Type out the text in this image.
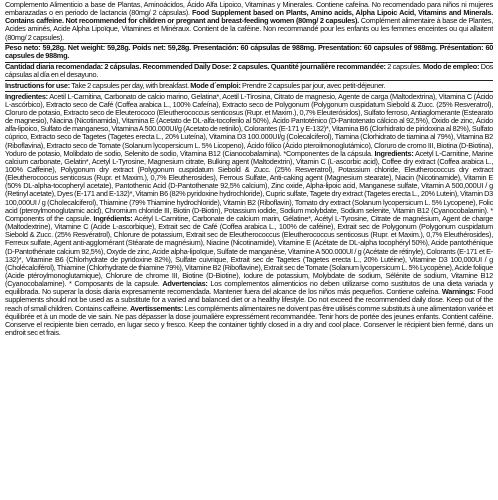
Complemento Alimenticio a base de Plantas, Aminoácidos, Ácido Alfa Lipoico, Vitaminas y Minerales. Contiene cafeína. No recomendado para niños ni mujeres embarazadas o en periodo de lactancia (80mg/ 2 cápsulas). Food Supplement based on Plants, Amino acids, Alpha Lipoic Acid, Vitamins and Minerals. Contains caffeine. Not recommended for children or pregnant and breast-feeding women (80mg/ 2 capsules). Complément alimentaire à base de Plantes, Acides aminés, Acide Alpha Lipoïque, Vitamines et Minéraux. Contient de la caféine. Non recommandé pour les enfants ou les femmes enceintes ou qui allaitent (80mg/ 2 capsules).

Peso neto: 59,28g. Net weight: 59,28g. Poids net: 59,28g. Presentación: 60 cápsulas de 988mg. Presentation: 60 capsules of 988mg. Présentation: 60 capsules de 988mg.

Cantidad diaria recomendada: 2 cápsulas. Recommended Daily Dose: 2 capsules. Quantité journalière recommandée: 2 capsules. Modo de empleo: Dos cápsulas al día en el desayuno.

Instructions for use: Take 2 capsules per day, with breakfast. Mode d´emploi: Prendre 2 capsules par jour, avec petit-déjeuner.

Ingredientes: Acetil L-Carnitina, Carbonato de calcio marino, Gelatina*, Acetil L-Tirosina, Citrato de magnesio, Agente de carga (Maltodextrina), Vitamina C (Ácido L-ascórbico), Extracto seco de Café (Coffea arabica L., 100% Cafeína), Extracto seco de Polygonum (Polygonum cuspidatum Siebold & Zucc. (25% Resveratrol), Cloruro de potasio, Extracto seco de Eleuterococo (Eleutherococcus senticosus (Rupr. et Maxim.), 0,7% Eleuterósidos), Sulfato ferroso, Antiaglomerante (Estearato de magnesio), Niacina (Nicotinamida), Vitamina E (Acetato de DL-alfa-tocoferilo al 50%), Ácido Pantoténico (D-Pantotenato cálcico al 92,5%), Óxido de zinc, Ácido alfa-lipoico, Sulfato de manganeso, Vitamina A 500.000UI/g (Acetato de retinilo), Colorantes (E-171 y E-132)*, Vitamina B6 (Clorhidrato de piridoxina al 82%), Sulfato cúprico, Extracto seco de Tagetes (Tagetes erecta L., 20% Luteína), Vitamina D3 100.000UI/g (Colecalciferol), Tiamina (Clorhidrato de tiamina al 79%), Vitamina B2 (Riboflavina), Extracto seco de Tomate (Solanum lycopersicum L. 5% Licopeno), Ácido fólico (Ácido pteroilmonoglutámico), Cloruro de cromo III, Biotina (D-Biotina), Yoduro de potasio, Molibdato de sodio, Selenito de sodio, Vitamina B12 (Cianocobalamina). *Componentes de la cápsula. Ingredients: Acetyl L-Carnitine, Marine calcium carbonate, Gelatin*, Acetyl L-Tyrosine, Magnesium citrate, Bulking agent (Maltodextrin), Vitamin C (L-ascorbic acid), Coffee dry extract (Coffea arabica L., 100% Caffeine), Polygonum dry extract (Polygonum cuspidatum Siebold & Zucc. (25% Resveratrol), Potassium chloride, Eleutherococcus dry extract (Eleutherococcus senticosus (Rupr. et Maxim.), 0,7% Eleutherosides), Ferrous Sulfate, Anti-caking agent (Magnesium stearate), Niacin (Nicotinamide), Vitamin E (50% DL-alpha-tocopheryl acetate), Pantothenic Acid (D-Pantothenate 92,5% calcium), Zinc oxide, Alpha-lipoic acid, Manganese sulfate, Vitamin A 500,000UI / g (Retinyl acetate), Dyes (E-171 and E-132)*, Vitamin B6 (82% pyridoxine hydrochloride), Cupric sulfate, Tagete dry extract (Tagetes erecta L., 20% Lutein), Vitamin D3 100,000UI / g (Cholecalciferol), Thiamine (79% Thiamine hydrochloride), Vitamin B2 (Riboflavin), Tomato dry extract (Solanum lycopersicum L. 5% Lycopene), Folic acid (pteroylmonoglutamic acid), Chromium chloride III, Biotin (D-Biotin), Potassium iodide, Sodium molybdate, Sodium selenite, Vitamin B12 (Cyanocobalamin). * Components of the capsule. Ingrédients: Acétyl L-Carnitine, Carbonate de calcium marin, Gélatine*, Acétyl L-Tyrosine, Citrate de magnésium, Agent de charge (Maltodextrine), Vitamine C (Acide L-ascorbique), Extrait sec de Café (Coffea arabica L., 100% de caféine), Extrait sec de Polygonum (Polygonum cuspidatum Siebold & Zucc. (25% Resvératrol), Chlorure de potassium, Extrait sec de Eleutherococcus (Eleutherococcus senticosus (Rupr. et Maxim.), 0,7% Eleuthérosides), Ferreux sulfate, Agent anti-agglomérant (Stéarate de magnésium), Niacine (Nicotinamide), Vitamine E (Acétate de DL-alpha tocophéryl 50%), Acide pantothénique (D-Pantothénate calcium 92,5%), Oxyde de zinc, Acide alpha-lipoïque, Sulfate de manganèse, Vitamine A 500.000UI / g (Acétate de rétinyle), Colorants (E-171 et E-132)*, Vitamine B6 (Chlorhydrate de pyridoxine 82%), Sulfate cuivrique, Extrait sec de Tagetes (Tagetes erecta L., 20% Lutéine), Vitamine D3 100,000UI / g (Cholécalciférol), Thiamine (Chlorhydrate de thiamine 79%), Vitamine B2 (Riboflavine), Extrait sec de Tomate (Solanum lycopersicum L. 5% Lycopène), Acide folique (Acide ptéroylmonoglutamique), Chlorure de chrome III, Biotine (D-Biotine), Iodure de potassium, Molybdate de sodium, Sélénite de sodium, Vitamine B12 (Cyanocobalamine). * Composants de la capsule. Advertencias: Los complementos alimenticios no deben utilizarse como sustitutos de una dieta variada y equilibrada. No superar la dosis diaria expresamente recomendada. Mantener fuera del alcance de los niños más pequeños. Contiene cafeína. Warnings: Food supplements should not be used as a substitute for a varied and balanced diet or a healthy lifestyle. Do not exceed the recommended daily dose. Keep out of the reach of small children. Contains caffeine. Avertissements: Les compléments alimentaires ne doivent pas être utilisés comme substituts à une alimentation variée et équilibrée et à un mode de vie sain. Ne pas dépasser la dose journalière expressément recommandée. Tenir hors de portée des jeunes enfants. Contient caféine. Conserve el recipiente bien cerrado, en lugar seco y fresco. Keep the container tightly closed in a dry and cool place. Conserver le récipient bien fermé, dans un endroit sec et frais.
